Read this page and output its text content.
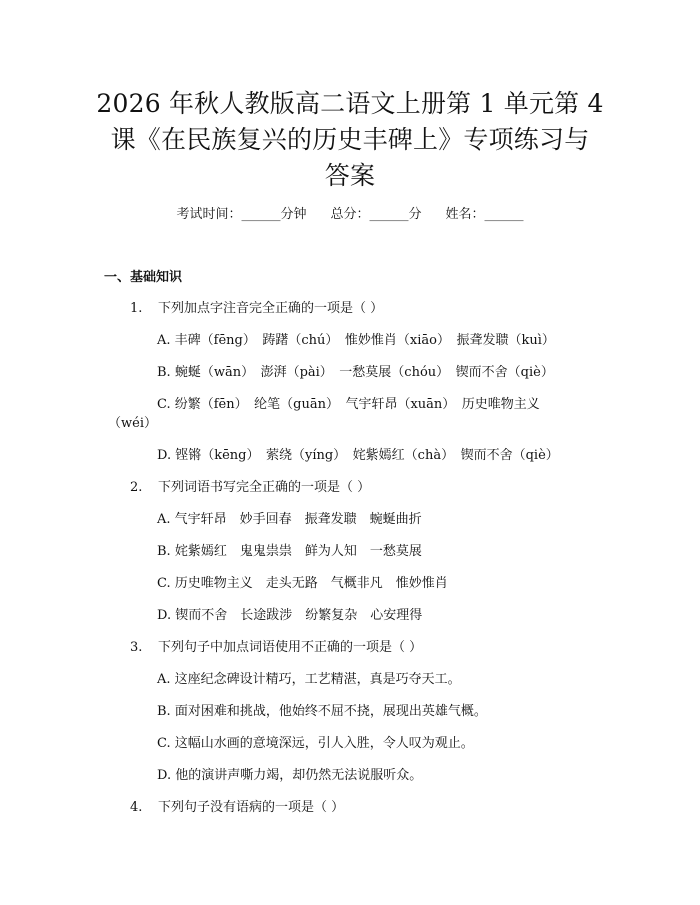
2026 年秋人教版高二语文上册第 1 单元第 4
课《在民族复兴的历史丰碑上》专项练习与
答案
考试时间：______分钟 总分：______分 姓名：______
一、基础知识
1. 下列加点字注音完全正确的一项是（ ）
A. 丰碑（fēng）　踌躇（chú）　惟妙惟肖（xiāo）　振聋发聩（kuì）
B. 蜿蜒（wān）　澎湃（pài）　一愁莫展（chóu）　锲而不舍（qiè）
C. 纷繁（fēn）　纶笔（guān）　气宇轩昂（xuān）　历史唯物主义
（wéi）
D. 铿锵（kēng）　萦绕（yíng）　姹紫嫣红（chà）　锲而不舍（qiè）
2. 下列词语书写完全正确的一项是（ ）
A. 气宇轩昂　妙手回春　振聋发聩　蜿蜒曲折
B. 姹紫嫣红　鬼鬼祟祟　鲜为人知　一愁莫展
C. 历史唯物主义　走头无路　气概非凡　惟妙惟肖
D. 锲而不舍　长途跋涉　纷繁复杂　心安理得
3. 下列句子中加点词语使用不正确的一项是（ ）
A. 这座纪念碑设计精巧，工艺精湛，真是巧夺天工。
B. 面对困难和挑战，他始终不屈不挠，展现出英雄气概。
C. 这幅山水画的意境深远，引人入胜，令人叹为观止。
D. 他的演讲声嘶力竭，却仍然无法说服听众。
4. 下列句子没有语病的一项是（ ）
